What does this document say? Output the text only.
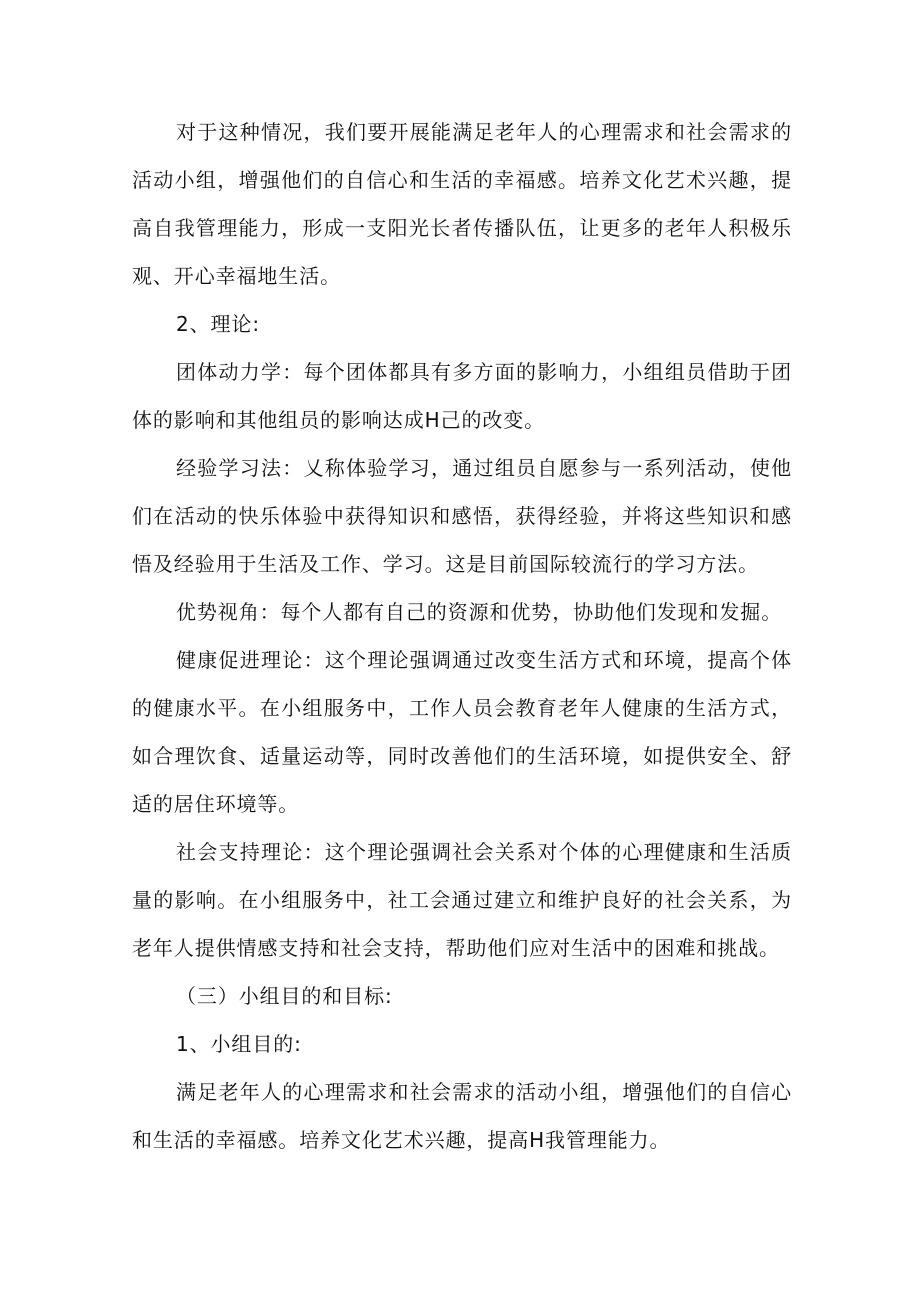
对于这种情况，我们要开展能满足老年人的心理需求和社会需求的活动小组，增强他们的自信心和生活的幸福感。培养文化艺术兴趣，提高自我管理能力，形成一支阳光长者传播队伍，让更多的老年人积极乐观、开心幸福地生活。

2、理论:

团体动力学：每个团体都具有多方面的影响力，小组组员借助于团体的影响和其他组员的影响达成H己的改变。

经验学习法：乂称体验学习，通过组员自愿参与一系列活动，使他们在活动的快乐体验中获得知识和感悟，获得经验，并将这些知识和感悟及经验用于生活及工作、学习。这是目前国际较流行的学习方法。

优势视角：每个人都有自己的资源和优势，协助他们发现和发掘。

健康促进理论：这个理论强调通过改变生活方式和环境，提高个体的健康水平。在小组服务中，工作人员会教育老年人健康的生活方式，如合理饮食、适量运动等，同时改善他们的生活环境，如提供安全、舒适的居住环境等。

社会支持理论：这个理论强调社会关系对个体的心理健康和生活质量的影响。在小组服务中，社工会通过建立和维护良好的社会关系，为老年人提供情感支持和社会支持，帮助他们应对生活中的困难和挑战。

（三）小组目的和目标:

1、小组目的:

满足老年人的心理需求和社会需求的活动小组，增强他们的自信心和生活的幸福感。培养文化艺术兴趣，提高H我管理能力。
